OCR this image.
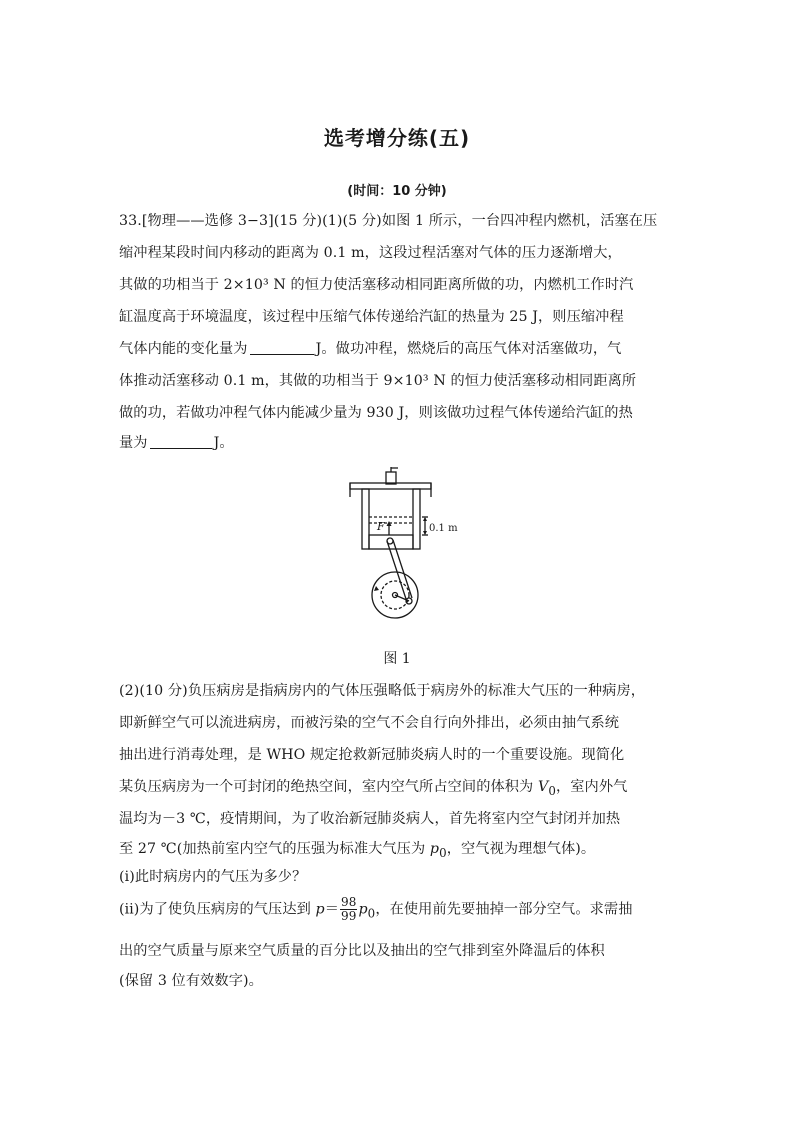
选考增分练(五)
(时间：10 分钟)
33.[物理——选修 3−3](15 分)(1)(5 分)如图 1 所示，一台四冲程内燃机，活塞在压
缩冲程某段时间内移动的距离为 0.1 m，这段过程活塞对气体的压力逐渐增大，
其做的功相当于 2×10³ N 的恒力使活塞移动相同距离所做的功，内燃机工作时汽
缸温度高于环境温度，该过程中压缩气体传递给汽缸的热量为 25 J，则压缩冲程
气体内能的变化量为	J。做功冲程，燃烧后的高压气体对活塞做功，气
体推动活塞移动 0.1 m，其做的功相当于 9×10³ N 的恒力使活塞移动相同距离所
做的功，若做功冲程气体内能减少量为 930 J，则该做功过程气体传递给汽缸的热
量为	J。
F	0.1 m
图 1
(2)(10 分)负压病房是指病房内的气体压强略低于病房外的标准大气压的一种病房，
即新鲜空气可以流进病房，而被污染的空气不会自行向外排出，必须由抽气系统
抽出进行消毒处理，是 WHO 规定抢救新冠肺炎病人时的一个重要设施。现简化
某负压病房为一个可封闭的绝热空间，室内空气所占空间的体积为 $V_0$，室内外气
温均为－3 ℃，疫情期间，为了收治新冠肺炎病人，首先将室内空气封闭并加热
至 27 ℃(加热前室内空气的压强为标准大气压为 $p_0$，空气视为理想气体)。
(ⅰ)此时病房内的气压为多少？
(ⅱ)为了使负压病房的气压达到 $p= \frac{98}{99} p_0$，在使用前先要抽掉一部分空气。求需抽
出的空气质量与原来空气质量的百分比以及抽出的空气排到室外降温后的体积
(保留 3 位有效数字)。
